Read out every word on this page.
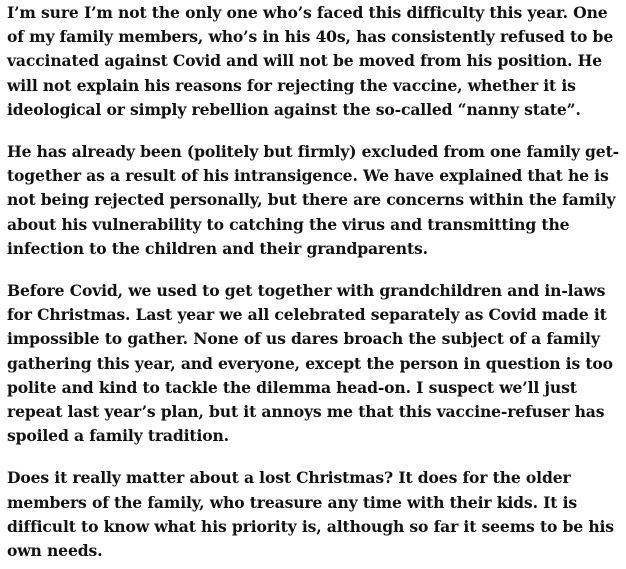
I’m sure I’m not the only one who’s faced this difficulty this year. One of my family members, who’s in his 40s, has consistently refused to be vaccinated against Covid and will not be moved from his position. He will not explain his reasons for rejecting the vaccine, whether it is ideological or simply rebellion against the so-called “nanny state”.

He has already been (politely but firmly) excluded from one family get-together as a result of his intransigence. We have explained that he is not being rejected personally, but there are concerns within the family about his vulnerability to catching the virus and transmitting the infection to the children and their grandparents.

Before Covid, we used to get together with grandchildren and in-laws for Christmas. Last year we all celebrated separately as Covid made it impossible to gather. None of us dares broach the subject of a family gathering this year, and everyone, except the person in question is too polite and kind to tackle the dilemma head-on. I suspect we’ll just repeat last year’s plan, but it annoys me that this vaccine-refuser has spoiled a family tradition.

Does it really matter about a lost Christmas? It does for the older members of the family, who treasure any time with their kids. It is difficult to know what his priority is, although so far it seems to be his own needs.
